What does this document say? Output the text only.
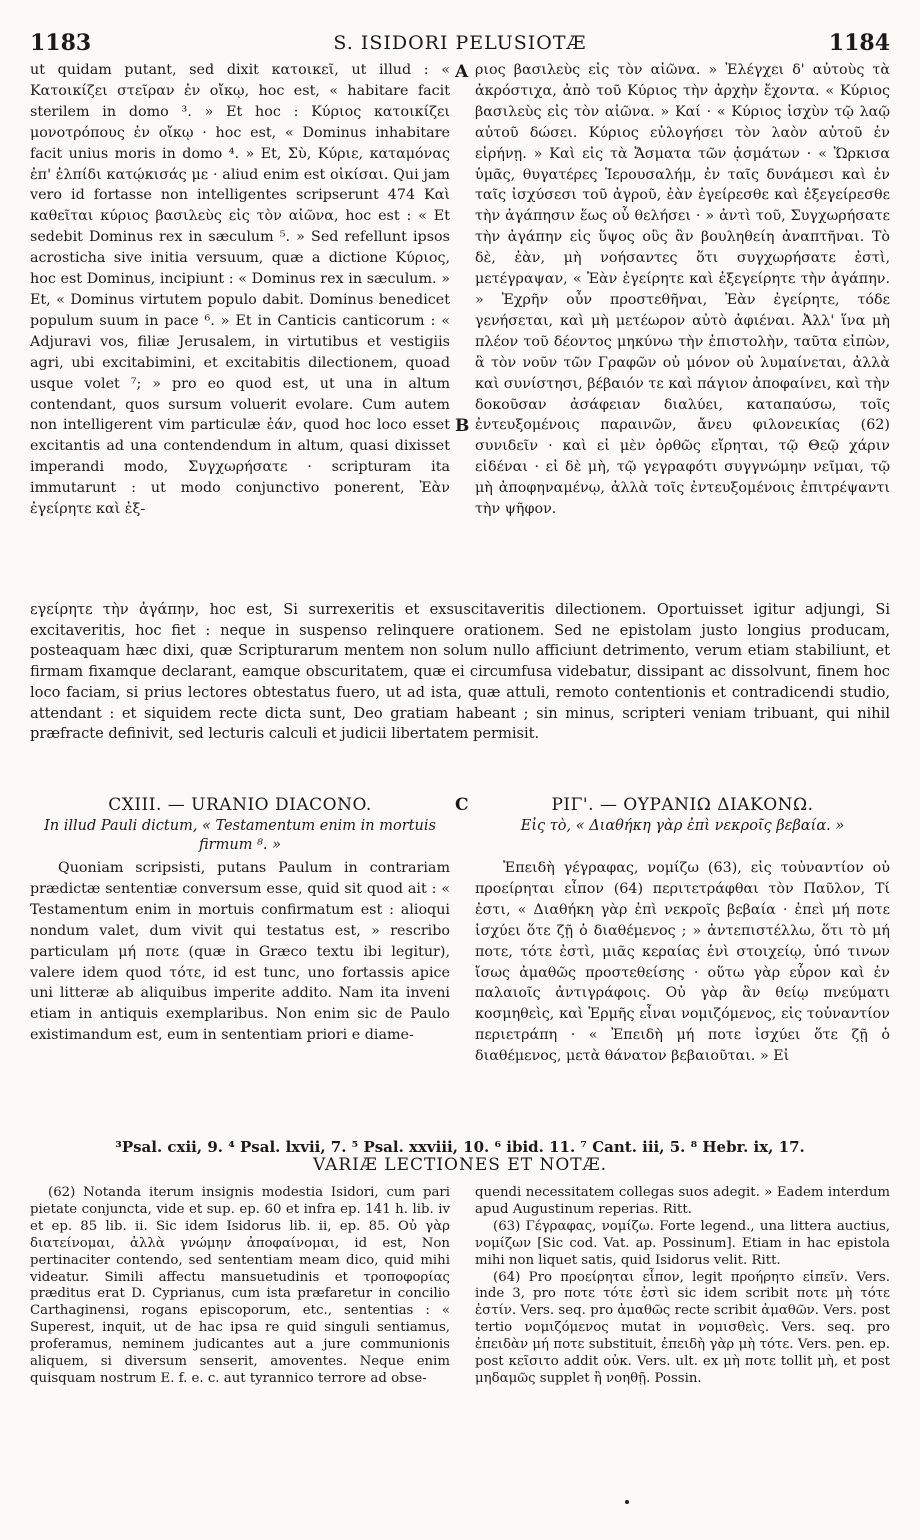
1183	S. ISIDORI PELUSIOTÆ	1184
A
B
C

ut quidam putant, sed dixit κατοικεῖ, ut illud : « Κατοικίζει στεῖραν ἐν οἴκῳ, hoc est, « habitare facit sterilem in domo ³. » Et hoc : Κύριος κατοικίζει μονοτρόπους ἐν οἴκῳ · hoc est, « Dominus inhabitare facit unius moris in domo ⁴. » Et, Σὺ, Κύριε, καταμόνας ἐπ' ἐλπίδι κατῴκισάς με · aliud enim est οἰκίσαι. Qui jam vero id fortasse non intelligentes scripserunt 474 Καὶ καθεῖται κύριος βασιλεὺς εἰς τὸν αἰῶνα, hoc est : « Et sedebit Dominus rex in sæculum ⁵. » Sed refellunt ipsos acrosticha sive initia versuum, quæ a dictione Κύριος, hoc est Dominus, incipiunt : « Dominus rex in sæculum. » Et, « Dominus virtutem populo dabit. Dominus benedicet populum suum in pace ⁶. » Et in Canticis canticorum : « Adjuravi vos, filiæ Jerusalem, in virtutibus et vestigiis agri, ubi excitabimini, et excitabitis dilectionem, quoad usque volet ⁷; » pro eo quod est, ut una in altum contendant, quos sursum voluerit evolare. Cum autem non intelligerent vim particulæ ἐάν, quod hoc loco esset excitantis ad una contendendum in altum, quasi dixisset imperandi modo, Συγχωρήσατε · scripturam ita immutarunt : ut modo conjunctivo ponerent, Ἐὰν ἐγείρητε καὶ ἐξ-

ριος βασιλεὺς εἰς τὸν αἰῶνα. » Ἐλέγχει δ' αὐτοὺς τὰ ἀκρόστιχα, ἀπὸ τοῦ Κύριος τὴν ἀρχὴν ἔχοντα. « Κύριος βασιλεὺς εἰς τὸν αἰῶνα. » Καί · « Κύριος ἰσχὺν τῷ λαῷ αὐτοῦ δώσει. Κύριος εὐλογήσει τὸν λαὸν αὐτοῦ ἐν εἰρήνῃ. » Καὶ εἰς τὰ Ἄσματα τῶν ᾀσμάτων · « Ὥρκισα ὑμᾶς, θυγατέρες Ἱερουσαλήμ, ἐν ταῖς δυνάμεσι καὶ ἐν ταῖς ἰσχύσεσι τοῦ ἀγροῦ, ἐὰν ἐγείρεσθε καὶ ἐξεγείρεσθε τὴν ἀγάπησιν ἕως οὗ θελήσει · » ἀντὶ τοῦ, Συγχωρήσατε τὴν ἀγάπην εἰς ὕψος οὓς ἂν βουληθείη ἀναπτῆναι. Τὸ δὲ, ἐὰν, μὴ νοήσαντες ὅτι συγχωρήσατε ἐστὶ, μετέγραψαν, « Ἐὰν ἐγείρητε καὶ ἐξεγείρητε τὴν ἀγάπην. » Ἐχρῆν οὖν προστεθῆναι, Ἐὰν ἐγείρητε, τόδε γενήσεται, καὶ μὴ μετέωρον αὐτὸ ἀφιέναι. Ἀλλ' ἵνα μὴ πλέον τοῦ δέοντος μηκύνω τὴν ἐπιστολὴν, ταῦτα εἰπὼν, ἃ τὸν νοῦν τῶν Γραφῶν οὐ μόνον οὐ λυμαίνεται, ἀλλὰ καὶ συνίστησι, βέβαιόν τε καὶ πάγιον ἀποφαίνει, καὶ τὴν δοκοῦσαν ἀσάφειαν διαλύει, καταπαύσω, τοῖς ἐντευξομένοις παραινῶν, ἄνευ φιλονεικίας (62) συνιδεῖν · καὶ εἰ μὲν ὀρθῶς εἴρηται, τῷ Θεῷ χάριν εἰδέναι · εἰ δὲ μὴ, τῷ γεγραφότι συγγνώμην νεῖμαι, τῷ μὴ ἀποφηναμένῳ, ἀλλὰ τοῖς ἐντευξομένοις ἐπιτρέψαντι τὴν ψῆφον.

εγείρητε τὴν ἀγάπην, hoc est, Si surrexeritis et exsuscitaveritis dilectionem. Oportuisset igitur adjungi, Si excitaveritis, hoc fiet : neque in suspenso relinquere orationem. Sed ne epistolam justo longius producam, posteaquam hæc dixi, quæ Scripturarum mentem non solum nullo afficiunt detrimento, verum etiam stabiliunt, et firmam fixamque declarant, eamque obscuritatem, quæ ei circumfusa videbatur, dissipant ac dissolvunt, finem hoc loco faciam, si prius lectores obtestatus fuero, ut ad ista, quæ attuli, remoto contentionis et contradicendi studio, attendant : et siquidem recte dicta sunt, Deo gratiam habeant ; sin minus, scripteri veniam tribuant, qui nihil præfracte definivit, sed lecturis calculi et judicii libertatem permisit.

CXIII. — URANIO DIACONO.
In illud Pauli dictum, « Testamentum enim in mortuis firmum ⁸. »
ΡΙΓ'. — ΟΥΡΑΝΙΩ ΔΙΑΚΟΝΩ.
Εἰς τὸ, « Διαθήκη γὰρ ἐπὶ νεκροῖς βεβαία. »

Quoniam scripsisti, putans Paulum in contrariam prædictæ sententiæ conversum esse, quid sit quod ait : « Testamentum enim in mortuis confirmatum est : alioqui nondum valet, dum vivit qui testatus est, » rescribo particulam μή ποτε (quæ in Græco textu ibi legitur), valere idem quod τότε, id est tunc, uno fortassis apice uni litteræ ab aliquibus imperite addito. Nam ita inveni etiam in antiquis exemplaribus. Non enim sic de Paulo existimandum est, eum in sententiam priori e diame-

Ἐπειδὴ γέγραφας, νομίζω (63), εἰς τοὐναντίον οὐ προείρηται εἶπον (64) περιτετράφθαι τὸν Παῦλον, Τί ἐστι, « Διαθήκη γὰρ ἐπὶ νεκροῖς βεβαία · ἐπεὶ μή ποτε ἰσχύει ὅτε ζῇ ὁ διαθέμενος ; » ἀντεπιστέλλω, ὅτι τὸ μή ποτε, τότε ἐστὶ, μιᾶς κεραίας ἑνὶ στοιχείῳ, ὑπό τινων ἴσως ἀμαθῶς προστεθείσης · οὕτω γὰρ εὗρον καὶ ἐν παλαιοῖς ἀντιγράφοις. Οὐ γὰρ ἂν θείῳ πνεύματι κοσμηθεὶς, καὶ Ἑρμῆς εἶναι νομιζόμενος, εἰς τοὐναντίον περιετράπη · « Ἐπειδὴ μή ποτε ἰσχύει ὅτε ζῇ ὁ διαθέμενος, μετὰ θάνατον βεβαιοῦται. » Εἰ

³Psal. cxii, 9. ⁴ Psal. lxvii, 7. ⁵ Psal. xxviii, 10. ⁶ ibid. 11. ⁷ Cant. iii, 5. ⁸ Hebr. ix, 17.
VARIÆ LECTIONES ET NOTÆ.

(62) Notanda iterum insignis modestia Isidori, cum pari pietate conjuncta, vide et sup. ep. 60 et infra ep. 141 h. lib. iv et ep. 85 lib. ii. Sic idem Isidorus lib. ii, ep. 85. Οὐ γὰρ διατείνομαι, ἀλλὰ γνώμην ἀποφαίνομαι, id est, Non pertinaciter contendo, sed sententiam meam dico, quid mihi videatur. Simili affectu mansuetudinis et τροποφορίας præditus erat D. Cyprianus, cum ista præfaretur in concilio Carthaginensi, rogans episcoporum, etc., sententias : « Superest, inquit, ut de hac ipsa re quid singuli sentiamus, proferamus, neminem judicantes aut a jure communionis aliquem, si diversum senserit, amoventes. Neque enim quisquam nostrum E. f. e. c. aut tyrannico terrore ad obse-

quendi necessitatem collegas suos adegit. » Eadem interdum apud Augustinum reperias. Ritt.

(63) Γέγραφας, νομίζω. Forte legend., una littera auctius, νομίζων [Sic cod. Vat. ap. Possinum]. Etiam in hac epistola mihi non liquet satis, quid Isidorus velit. Ritt.

(64) Pro προείρηται εἶπον, legit προήρητο εἰπεῖν. Vers. inde 3, pro ποτε τότε ἐστὶ sic idem scribit ποτε μὴ τότε ἐστίν. Vers. seq. pro ἀμαθῶς recte scribit ἀμαθῶν. Vers. post tertio νομιζόμενος mutat in νομισθεὶς. Vers. seq. pro ἐπειδὰν μή ποτε substituit, ἐπειδὴ γὰρ μὴ τότε. Vers. pen. ep. post κεῖσιτο addit οὐκ. Vers. ult. ex μὴ ποτε tollit μὴ, et post μηδαμῶς supplet ἢ νοηθῇ. Possin.
